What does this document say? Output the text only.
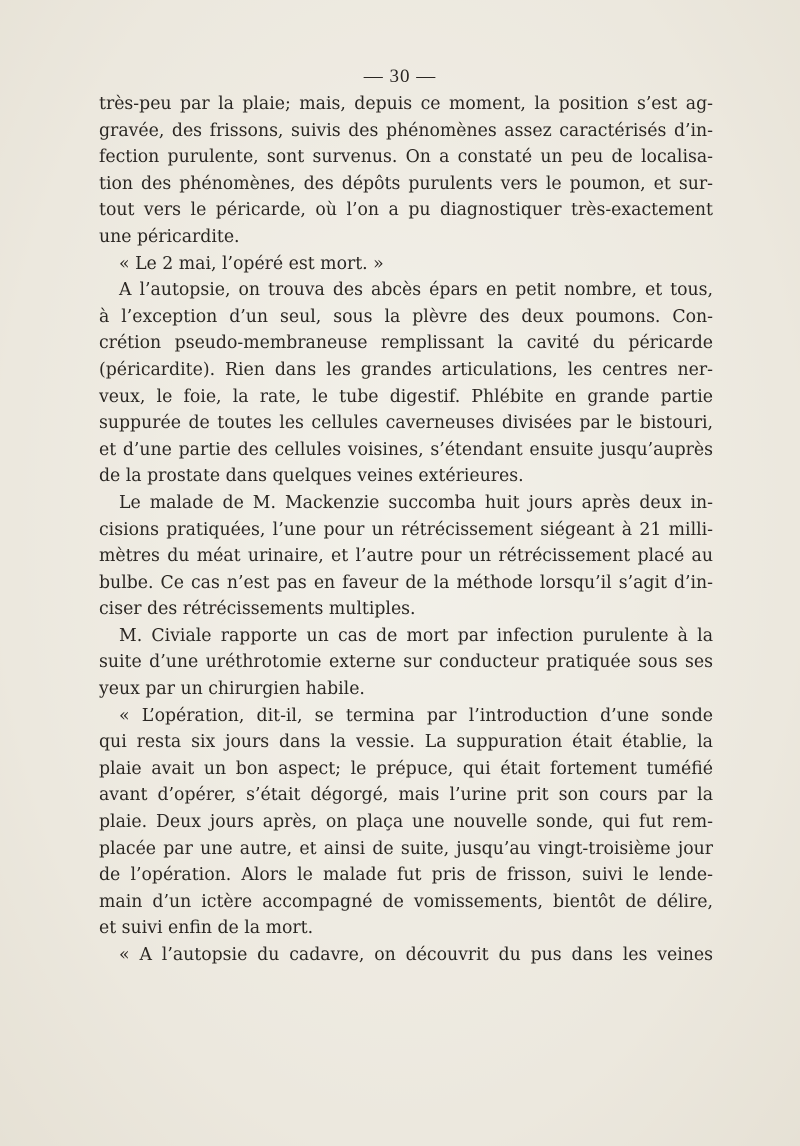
— 30 —
très-peu par la plaie; mais, depuis ce moment, la position s’est ag-
gravée, des frissons, suivis des phénomènes assez caractérisés d’in-
fection purulente, sont survenus. On a constaté un peu de localisa-
tion des phénomènes, des dépôts purulents vers le poumon, et sur-
tout vers le péricarde, où l’on a pu diagnostiquer très-exactement
une péricardite.
« Le 2 mai, l’opéré est mort. »
A l’autopsie, on trouva des abcès épars en petit nombre, et tous,
à l’exception d’un seul, sous la plèvre des deux poumons. Con-
crétion pseudo-membraneuse remplissant la cavité du péricarde
(péricardite). Rien dans les grandes articulations, les centres ner-
veux, le foie, la rate, le tube digestif. Phlébite en grande partie
suppurée de toutes les cellules caverneuses divisées par le bistouri,
et d’une partie des cellules voisines, s’étendant ensuite jusqu’auprès
de la prostate dans quelques veines extérieures.
Le malade de M. Mackenzie succomba huit jours après deux in-
cisions pratiquées, l’une pour un rétrécissement siégeant à 21 milli-
mètres du méat urinaire, et l’autre pour un rétrécissement placé au
bulbe. Ce cas n’est pas en faveur de la méthode lorsqu’il s’agit d’in-
ciser des rétrécissements multiples.
M. Civiale rapporte un cas de mort par infection purulente à la
suite d’une uréthrotomie externe sur conducteur pratiquée sous ses
yeux par un chirurgien habile.
« L’opération, dit-il, se termina par l’introduction d’une sonde
qui resta six jours dans la vessie. La suppuration était établie, la
plaie avait un bon aspect; le prépuce, qui était fortement tuméfié
avant d’opérer, s’était dégorgé, mais l’urine prit son cours par la
plaie. Deux jours après, on plaça une nouvelle sonde, qui fut rem-
placée par une autre, et ainsi de suite, jusqu’au vingt-troisième jour
de l’opération. Alors le malade fut pris de frisson, suivi le lende-
main d’un ictère accompagné de vomissements, bientôt de délire,
et suivi enfin de la mort.
« A l’autopsie du cadavre, on découvrit du pus dans les veines
